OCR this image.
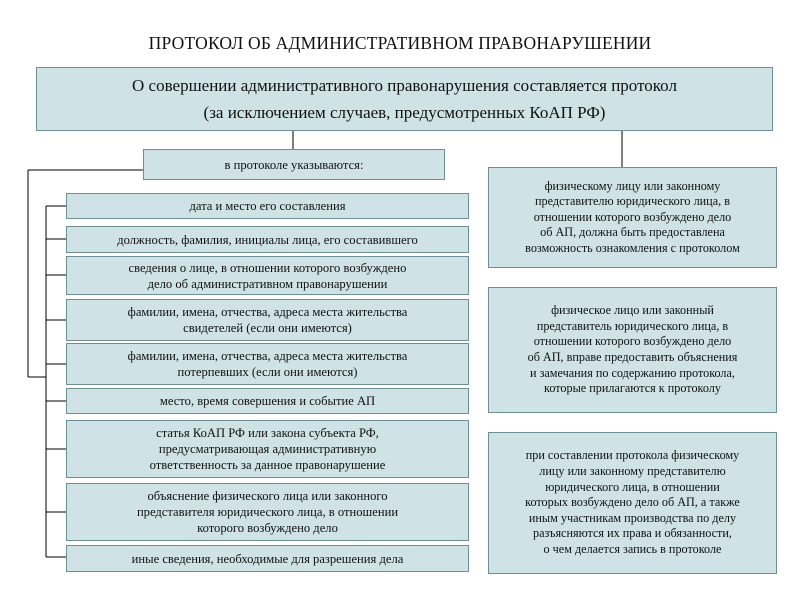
ПРОТОКОЛ ОБ АДМИНИСТРАТИВНОМ ПРАВОНАРУШЕНИИ
О совершении административного правонарушения составляется протокол
(за исключением случаев, предусмотренных КоАП РФ)
в протоколе указываются:
дата и место его составления
должность, фамилия, инициалы лица, его составившего
сведения о лице, в отношении которого возбуждено
дело об административном правонарушении
фамилии, имена, отчества, адреса места жительства
свидетелей (если они имеются)
фамилии, имена, отчества, адреса места жительства
потерпевших (если они имеются)
место, время совершения и событие АП
статья КоАП РФ или закона субъекта РФ,
предусматривающая административную
ответственность за данное правонарушение
объяснение физического лица или законного
представителя юридического лица, в отношении
которого возбуждено дело
иные сведения, необходимые для разрешения дела
физическому лицу или законному
представителю юридического лица, в
отношении которого возбуждено дело
об АП, должна быть предоставлена
возможность ознакомления с протоколом
физическое лицо или законный
представитель юридического лица, в
отношении которого возбуждено дело
об АП, вправе предоставить объяснения
и замечания по содержанию протокола,
которые прилагаются к протоколу
при составлении протокола физическому
лицу или законному представителю
юридического лица, в отношении
которых возбуждено дело об АП, а также
иным участникам производства по делу
разъясняются их права и обязанности,
о чем делается запись в протоколе
